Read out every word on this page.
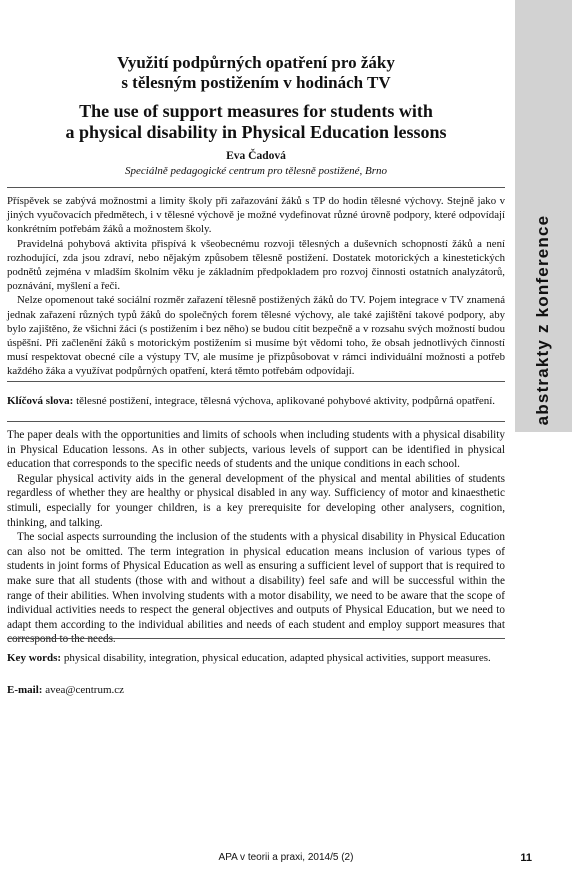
abstrakty z konference
Využití podpůrných opatření pro žáky
s tělesným postižením v hodinách TV
The use of support measures for students with
a physical disability in Physical Education lessons
Eva Čadová
Speciálně pedagogické centrum pro tělesně postižené, Brno

Příspěvek se zabývá možnostmi a limity školy při zařazování žáků s TP do hodin tělesné výchovy. Stejně jako v jiných vyučovacích předmětech, i v tělesné výchově je možné vydefinovat různé úrovně podpory, které odpovídají konkrétním potřebám žáků a možnostem školy.

Pravidelná pohybová aktivita přispívá k všeobecnému rozvoji tělesných a duševních schopností žáků a není rozhodující, zda jsou zdraví, nebo nějakým způsobem tělesně postižení. Dostatek motorických a kinestetických podnětů zejména v mladším školním věku je základním předpokladem pro rozvoj činnosti ostatních analyzátorů, poznávání, myšlení a řeči.

Nelze opomenout také sociální rozměr zařazení tělesně postižených žáků do TV. Pojem integrace v TV znamená jednak zařazení různých typů žáků do společných forem tělesné výchovy, ale také zajištění takové podpory, aby bylo zajištěno, že všichni žáci (s postižením i bez něho) se budou cítit bezpečně a v rozsahu svých možností budou úspěšní. Při začlenění žáků s motorickým postižením si musíme být vědomi toho, že obsah jednotlivých činností musí respektovat obecné cíle a výstupy TV, ale musíme je přizpůsobovat v rámci individuální možnosti a potřeb každého žáka a využívat podpůrných opatření, která těmto potřebám odpovídají.

Klíčová slova: tělesné postižení, integrace, tělesná výchova, aplikované pohybové aktivity, podpůrná opatření.

The paper deals with the opportunities and limits of schools when including students with a physical disability in Physical Education lessons. As in other subjects, various levels of support can be identified in physical education that corresponds to the specific needs of students and the unique conditions in each school.

Regular physical activity aids in the general development of the physical and mental abilities of students regardless of whether they are healthy or physical disabled in any way. Sufficiency of motor and kinaesthetic stimuli, especially for younger children, is a key prerequisite for developing other analysers, cognition, thinking, and talking.

The social aspects surrounding the inclusion of the students with a physical disability in Physical Education can also not be omitted. The term integration in physical education means inclusion of various types of students in joint forms of Physical Education as well as ensuring a sufficient level of support that is required to make sure that all students (those with and without a disability) feel safe and will be successful within the range of their abilities. When involving students with a motor disability, we need to be aware that the scope of individual activities needs to respect the general objectives and outputs of Physical Education, but we need to adapt them according to the individual abilities and needs of each student and employ support measures that correspond to the needs.

Key words: physical disability, integration, physical education, adapted physical activities, support measures.
E-mail: avea@centrum.cz
APA v teorii a praxi, 2014/5 (2)	11
